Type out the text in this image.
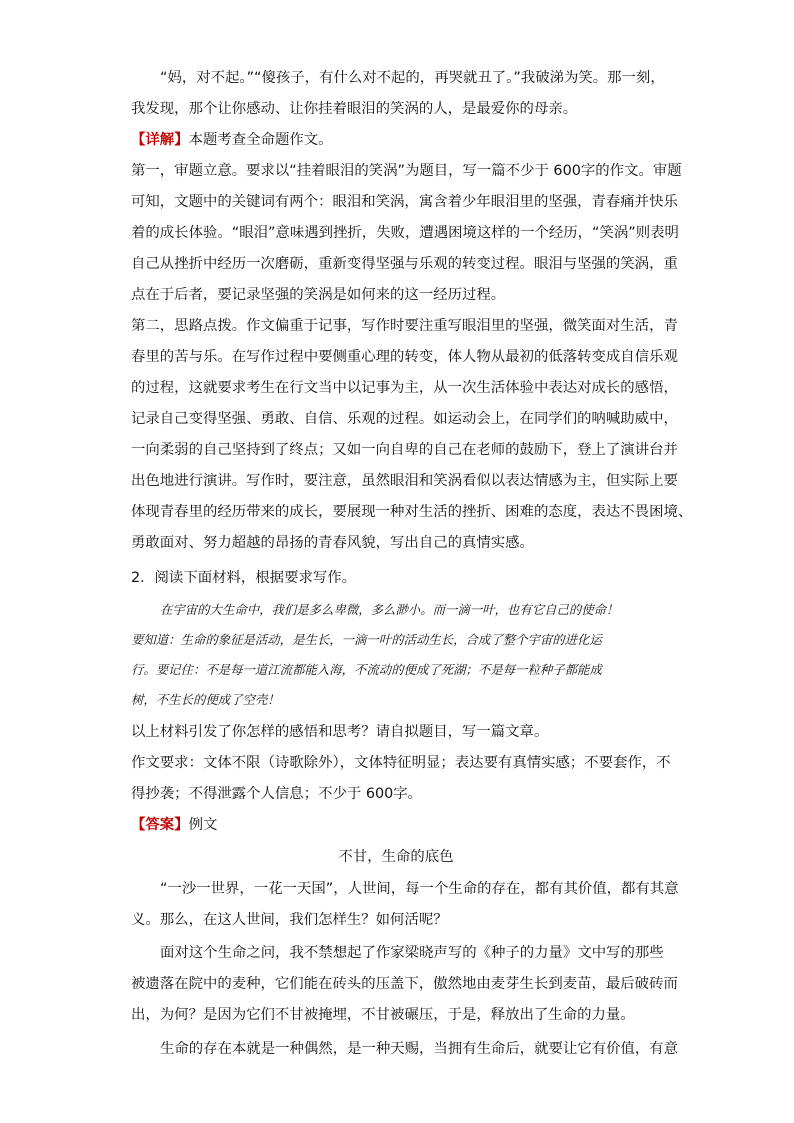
“妈，对不起。”“傻孩子，有什么对不起的，再哭就丑了。”我破涕为笑。那一刻，
我发现，那个让你感动、让你挂着眼泪的笑涡的人，是最爱你的母亲。
【详解】本题考查全命题作文。
第一，审题立意。要求以“挂着眼泪的笑涡”为题目，写一篇不少于 600字的作文。审题
可知，文题中的关键词有两个：眼泪和笑涡，寓含着少年眼泪里的坚强，青春痛并快乐
着的成长体验。“眼泪”意味遇到挫折，失败，遭遇困境这样的一个经历，“笑涡”则表明
自己从挫折中经历一次磨砺，重新变得坚强与乐观的转变过程。眼泪与坚强的笑涡，重
点在于后者，要记录坚强的笑涡是如何来的这一经历过程。
第二，思路点拨。作文偏重于记事，写作时要注重写眼泪里的坚强，微笑面对生活，青
春里的苦与乐。在写作过程中要侧重心理的转变，体人物从最初的低落转变成自信乐观
的过程，这就要求考生在行文当中以记事为主，从一次生活体验中表达对成长的感悟，
记录自己变得坚强、勇敢、自信、乐观的过程。如运动会上，在同学们的呐喊助威中，
一向柔弱的自己坚持到了终点；又如一向自卑的自己在老师的鼓励下，登上了演讲台并
出色地进行演讲。写作时，要注意，虽然眼泪和笑涡看似以表达情感为主，但实际上要
体现青春里的经历带来的成长，要展现一种对生活的挫折、困难的态度，表达不畏困境、
勇敢面对、努力超越的昂扬的青春风貌，写出自己的真情实感。
2．阅读下面材料，根据要求写作。
在宇宙的大生命中，我们是多么卑微，多么渺小。而一滴一叶，也有它自己的使命！
要知道：生命的象征是活动，是生长，一滴一叶的活动生长，合成了整个宇宙的进化运
行。要记住：不是每一道江流都能入海，不流动的便成了死湖；不是每一粒种子都能成
树，不生长的便成了空壳！
以上材料引发了你怎样的感悟和思考？请自拟题目，写一篇文章。
作文要求：文体不限（诗歌除外），文体特征明显；表达要有真情实感；不要套作，不
得抄袭；不得泄露个人信息；不少于 600字。
【答案】例文
不甘，生命的底色
“一沙一世界，一花一天国”，人世间，每一个生命的存在，都有其价值，都有其意
义。那么，在这人世间，我们怎样生？如何活呢？
面对这个生命之问，我不禁想起了作家梁晓声写的《种子的力量》文中写的那些
被遗落在院中的麦种，它们能在砖头的压盖下，傲然地由麦芽生长到麦苗，最后破砖而
出，为何？是因为它们不甘被掩埋，不甘被碾压，于是，释放出了生命的力量。
生命的存在本就是一种偶然，是一种天赐，当拥有生命后，就要让它有价值，有意
